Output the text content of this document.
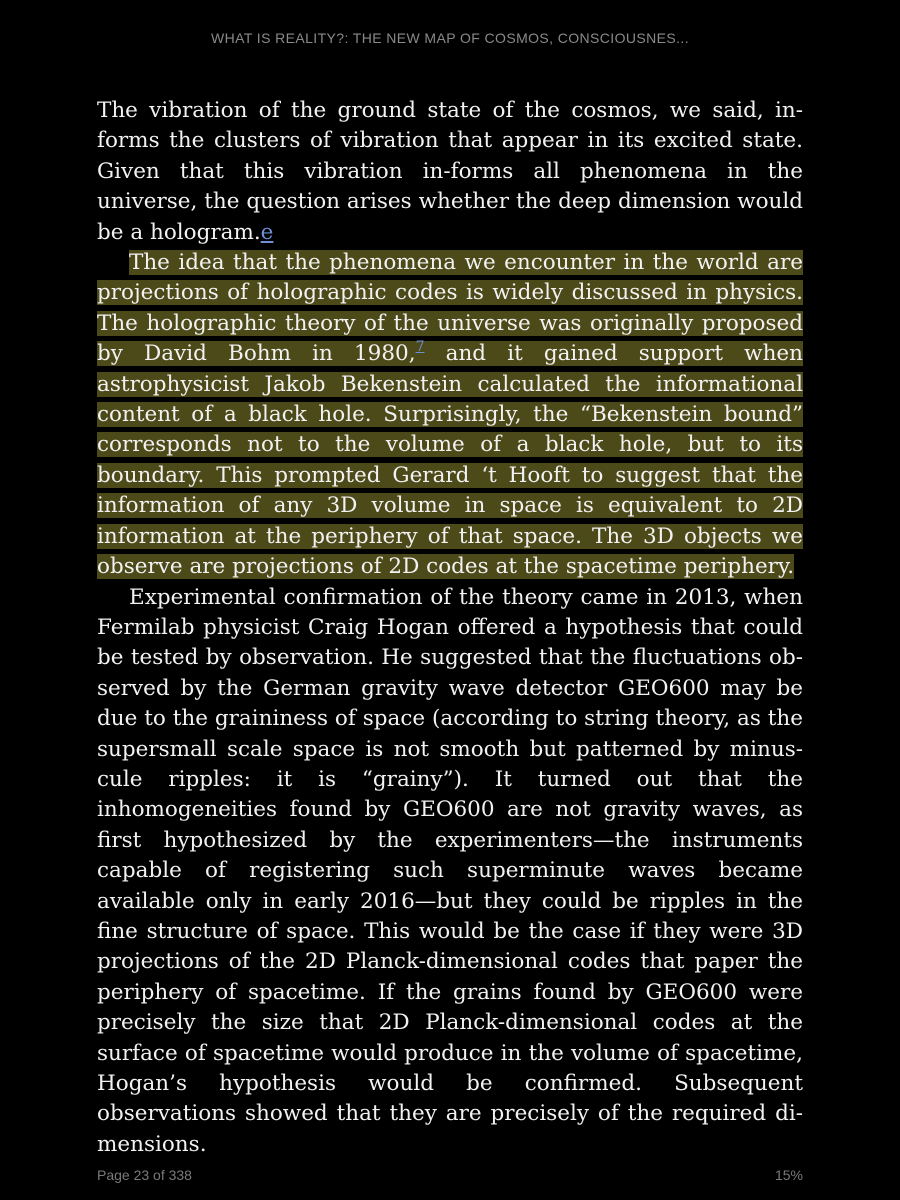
WHAT IS REALITY?: THE NEW MAP OF COSMOS, CONSCIOUSNES...

The vibration of the ground state of the cosmos, we said, in-forms the clusters of vibration that appear in its excited state. Given that this vibration in-forms all phenomena in the universe, the question arises whether the deep dimension would be a hologram.e

The idea that the phenomena we encounter in the world are projections of holographic codes is widely discussed in physics. The holographic theory of the universe was originally proposed by David Bohm in 1980,$^7$ and it gained support when astrophysicist Jakob Bekenstein calculated the informational content of a black hole. Surprisingly, the “Bekenstein bound” corresponds not to the volume of a black hole, but to its boundary. This prompted Gerard ‘t Hooft to suggest that the information of any 3D volume in space is equivalent to 2D information at the periphery of that space. The 3D objects we observe are projections of 2D codes at the spacetime periphery.

Experimental confirmation of the theory came in 2013, when Fermilab physicist Craig Hogan offered a hypothesis that could be tested by observation. He suggested that the fluctuations observed by the German gravity wave detector GEO600 may be due to the graininess of space (according to string theory, as the supersmall scale space is not smooth but patterned by minuscule ripples: it is “grainy”). It turned out that the inhomogeneities found by GEO600 are not gravity waves, as first hypothesized by the experimenters—the instruments capable of registering such superminute waves became available only in early 2016—but they could be ripples in the fine structure of space. This would be the case if they were 3D projections of the 2D Planck-dimensional codes that paper the periphery of spacetime. If the grains found by GEO600 were precisely the size that 2D Planck-dimensional codes at the surface of spacetime would produce in the volume of spacetime, Hogan’s hypothesis would be confirmed. Subsequent observations showed that they are precisely of the required dimensions.

Page 23 of 338	15%
